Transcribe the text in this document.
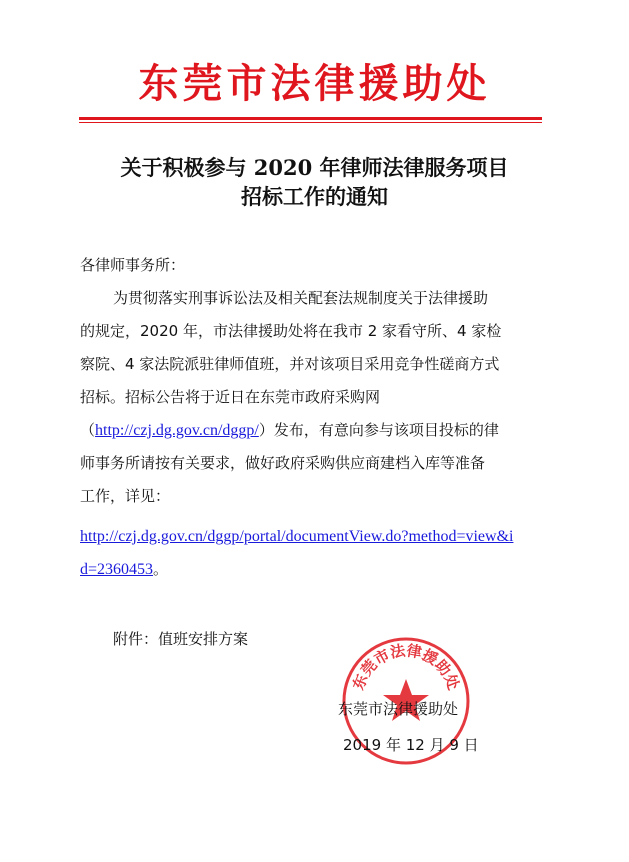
东莞市法律援助处
关于积极参与 2020 年律师法律服务项目
招标工作的通知
各律师事务所：
为贯彻落实刑事诉讼法及相关配套法规制度关于法律援助
的规定，2020 年，市法律援助处将在我市 2 家看守所、4 家检
察院、4 家法院派驻律师值班，并对该项目采用竞争性磋商方式
招标。招标公告将于近日在东莞市政府采购网
（http://czj.dg.gov.cn/dggp/）发布，有意向参与该项目投标的律
师事务所请按有关要求，做好政府采购供应商建档入库等准备
工作，详见：
http://czj.dg.gov.cn/dggp/portal/documentView.do?method=view&i
d=2360453。
附件：值班安排方案
东莞市法律援助处
东莞市法律援助处
2019 年 12 月 9 日
